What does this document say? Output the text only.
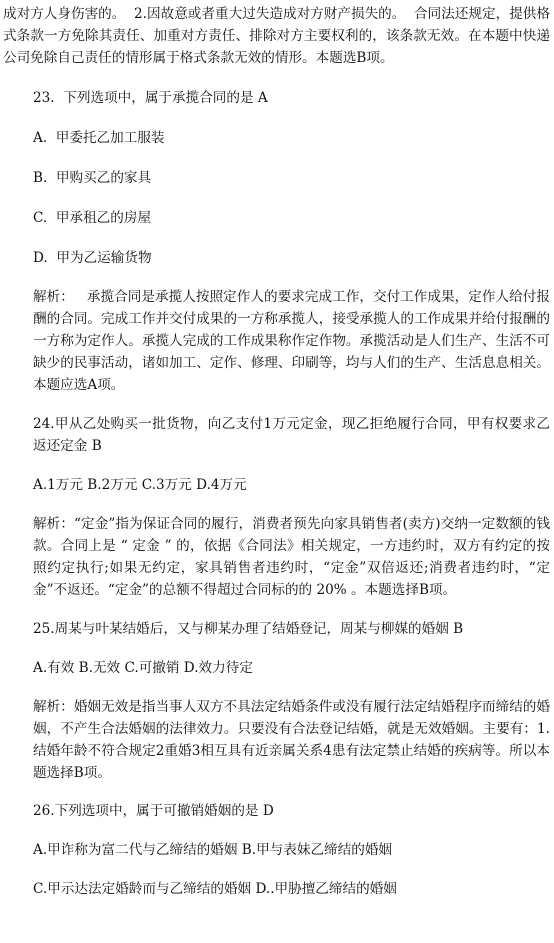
成对方人身伤害的。  2.因故意或者重大过失造成对方财产损失的。  合同法还规定，提供格式条款一方免除其责任、加重对方责任、排除对方主要权利的，该条款无效。在本题中快递公司免除自己责任的情形属于格式条款无效的情形。本题选B项。

23.  下列选项中，属于承揽合同的是 A

A.  甲委托乙加工服装

B.  甲购买乙的家具

C.  甲承租乙的房屋

D.  甲为乙运输货物

解析：   承揽合同是承揽人按照定作人的要求完成工作，交付工作成果，定作人给付报酬的合同。完成工作并交付成果的一方称承揽人，接受承揽人的工作成果并给付报酬的一方称为定作人。承揽人完成的工作成果称作定作物。承揽活动是人们生产、生活不可缺少的民事活动，诸如加工、定作、修理、印刷等，均与人们的生产、生活息息相关。本题应选A项。

24.甲从乙处购买一批货物，向乙支付1万元定金，现乙拒绝履行合同，甲有权要求乙返还定金 B

A.1万元 B.2万元 C.3万元 D.4万元

解析：“定金”指为保证合同的履行，消费者预先向家具销售者(卖方)交纳一定数额的钱款。合同上是 “ 定金 ” 的，依据《合同法》相关规定，一方违约时，双方有约定的按照约定执行;如果无约定，家具销售者违约时，“定金”双倍返还;消费者违约时，“定金”不返还。“定金”的总额不得超过合同标的的 20% 。本题选择B项。

25.周某与叶某结婚后，又与柳某办理了结婚登记，周某与柳媒的婚姻 B

A.有效 B.无效 C.可撤销 D.效力待定

解析：婚姻无效是指当事人双方不具法定结婚条件或没有履行法定结婚程序而缔结的婚姻，不产生合法婚姻的法律效力。只要没有合法登记结婚，就是无效婚姻。主要有：1.结婚年龄不符合规定2重婚3相互具有近亲属关系4患有法定禁止结婚的疾病等。所以本题选择B项。

26.下列选项中，属于可撤销婚姻的是 D

A.甲诈称为富二代与乙缔结的婚姻 B.甲与表妹乙缔结的婚姻

C.甲示达法定婚龄而与乙缔结的婚姻 D..甲胁擅乙缔结的婚姻
